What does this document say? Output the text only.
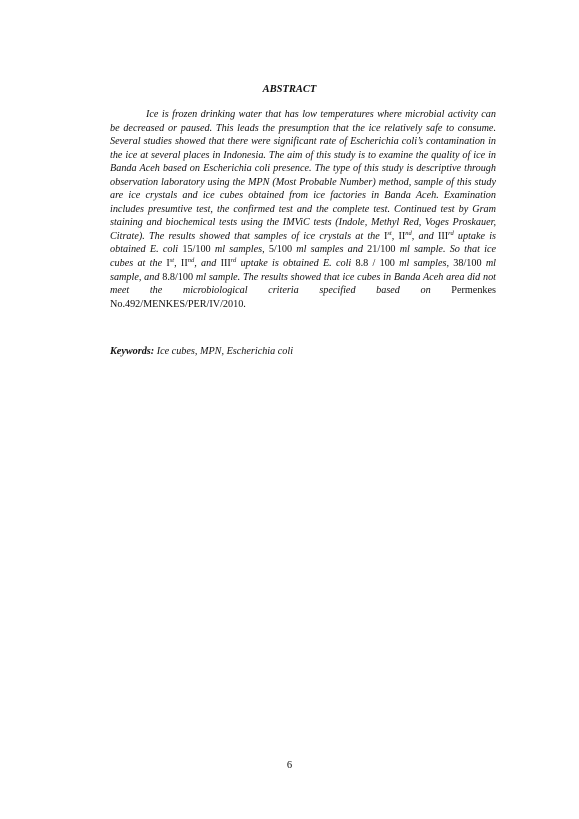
ABSTRACT

Ice is frozen drinking water that has low temperatures where microbial activity can be decreased or paused. This leads the presumption that the ice relatively safe to consume. Several studies showed that there were significant rate of Escherichia coli’s contamination in the ice at several places in Indonesia. The aim of this study is to examine the quality of ice in Banda Aceh based on Escherichia coli presence. The type of this study is descriptive through observation laboratory using the MPN (Most Probable Number) method, sample of this study are ice crystals and ice cubes obtained from ice factories in Banda Aceh. Examination includes presumtive test, the confirmed test and the complete test. Continued test by Gram staining and biochemical tests using the IMViC tests (Indole, Methyl Red, Voges Proskauer, Citrate). The results showed that samples of ice crystals at the Ist, IInd, and IIIrd uptake is obtained E. coli 15/100 ml samples, 5/100 ml samples and 21/100 ml sample. So that ice cubes at the Ist, IInd, and IIIrd uptake is obtained E. coli 8.8 / 100 ml samples, 38/100 ml sample, and 8.8/100 ml sample. The results showed that ice cubes in Banda Aceh area did not meet the microbiological criteria specified based on Permenkes No.492/MENKES/PER/IV/2010.

Keywords: Ice cubes, MPN, Escherichia coli
6
